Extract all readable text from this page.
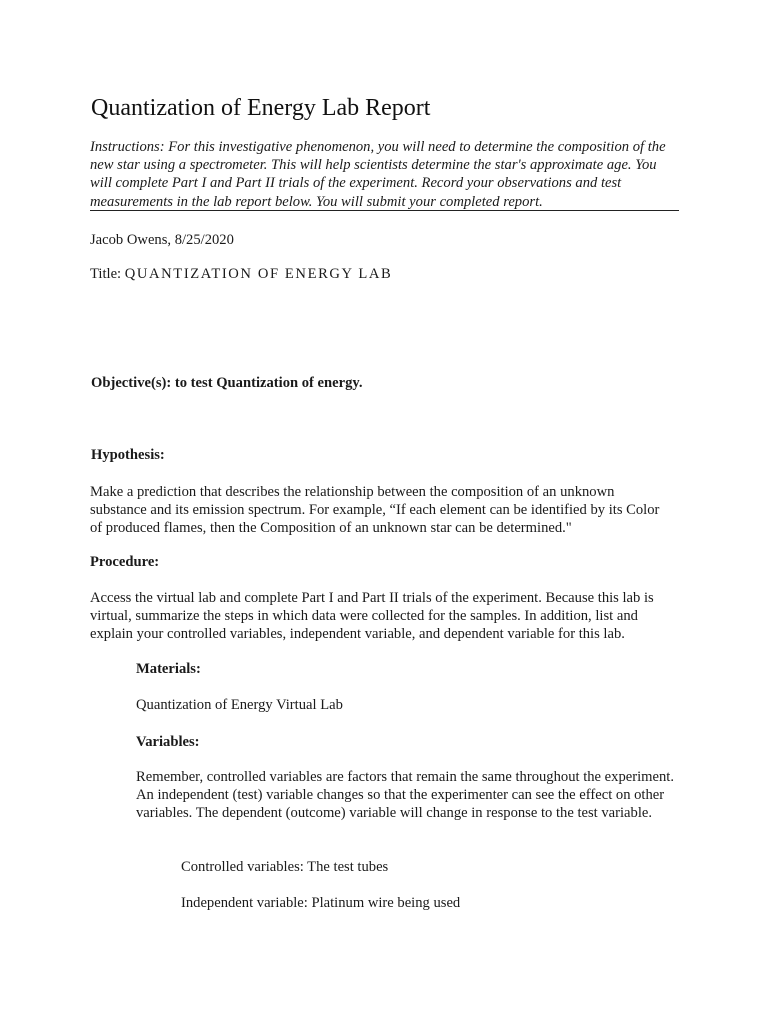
Quantization of Energy Lab Report

Instructions: For this investigative phenomenon, you will need to determine the composition of the new star using a spectrometer. This will help scientists determine the star's approximate age. You will complete Part I and Part II trials of the experiment. Record your observations and test measurements in the lab report below. You will submit your completed report.

Jacob Owens, 8/25/2020

Title: QUANTIZATION OF ENERGY LAB

Objective(s): to test Quantization of energy.

Hypothesis:

Make a prediction that describes the relationship between the composition of an unknown substance and its emission spectrum. For example, “If each element can be identified by its Color of produced flames, then the Composition of an unknown star can be determined."

Procedure:

Access the virtual lab and complete Part I and Part II trials of the experiment. Because this lab is virtual, summarize the steps in which data were collected for the samples. In addition, list and explain your controlled variables, independent variable, and dependent variable for this lab.

Materials:

Quantization of Energy Virtual Lab

Variables:

Remember, controlled variables are factors that remain the same throughout the experiment. An independent (test) variable changes so that the experimenter can see the effect on other variables. The dependent (outcome) variable will change in response to the test variable.

Controlled variables: The test tubes

Independent variable: Platinum wire being used
